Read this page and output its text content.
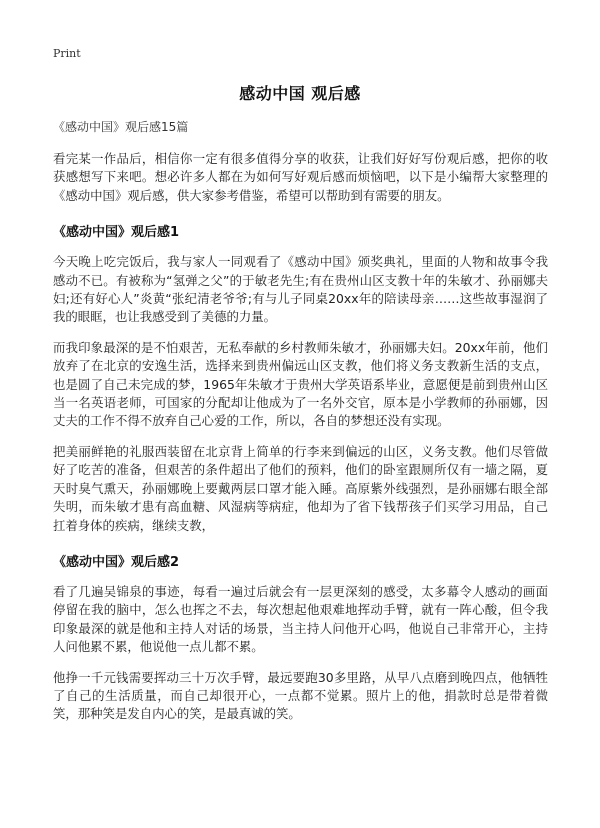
Print
感动中国 观后感
《感动中国》观后感15篇

看完某一作品后，相信你一定有很多值得分享的收获，让我们好好写份观后感，把你的收获感想写下来吧。想必许多人都在为如何写好观后感而烦恼吧，以下是小编帮大家整理的《感动中国》观后感，供大家参考借鉴，希望可以帮助到有需要的朋友。

《感动中国》观后感1

今天晚上吃完饭后，我与家人一同观看了《感动中国》颁奖典礼，里面的人物和故事令我感动不已。有被称为“氢弹之父”的于敏老先生;有在贵州山区支教十年的朱敏才、孙丽娜夫妇;还有好心人”炎黄“张纪清老爷爷;有与儿子同桌20xx年的陪读母亲……这些故事湿润了我的眼眶，也让我感受到了美德的力量。

而我印象最深的是不怕艰苦，无私奉献的乡村教师朱敏才，孙丽娜夫妇。20xx年前，他们放弃了在北京的安逸生活，选择来到贵州偏远山区支教，他们将义务支教新生活的支点，也是圆了自己未完成的梦，1965年朱敏才于贵州大学英语系毕业，意愿便是前到贵州山区当一名英语老师，可国家的分配却让他成为了一名外交官，原本是小学教师的孙丽娜，因丈夫的工作不得不放弃自己心爱的工作，所以，各自的梦想还没有实现。

把美丽鲜艳的礼服西装留在北京背上简单的行李来到偏远的山区，义务支教。他们尽管做好了吃苦的准备，但艰苦的条件超出了他们的预料，他们的卧室跟厕所仅有一墙之隔，夏天时臭气熏天，孙丽娜晚上要戴两层口罩才能入睡。高原紫外线强烈，是孙丽娜右眼全部失明，而朱敏才患有高血糖、风湿病等病症，他却为了省下钱帮孩子们买学习用品，自己扛着身体的疾病，继续支教，

《感动中国》观后感2

看了几遍吴锦泉的事迹，每看一遍过后就会有一层更深刻的感受，太多幕令人感动的画面停留在我的脑中，怎么也挥之不去，每次想起他艰难地挥动手臂，就有一阵心酸，但令我印象最深的就是他和主持人对话的场景，当主持人问他开心吗，他说自己非常开心，主持人问他累不累，他说他一点儿都不累。

他挣一千元钱需要挥动三十万次手臂，最远要跑30多里路，从早八点磨到晚四点，他牺牲了自己的生活质量，而自己却很开心，一点都不觉累。照片上的他，捐款时总是带着微笑，那种笑是发自内心的笑，是最真诚的笑。
